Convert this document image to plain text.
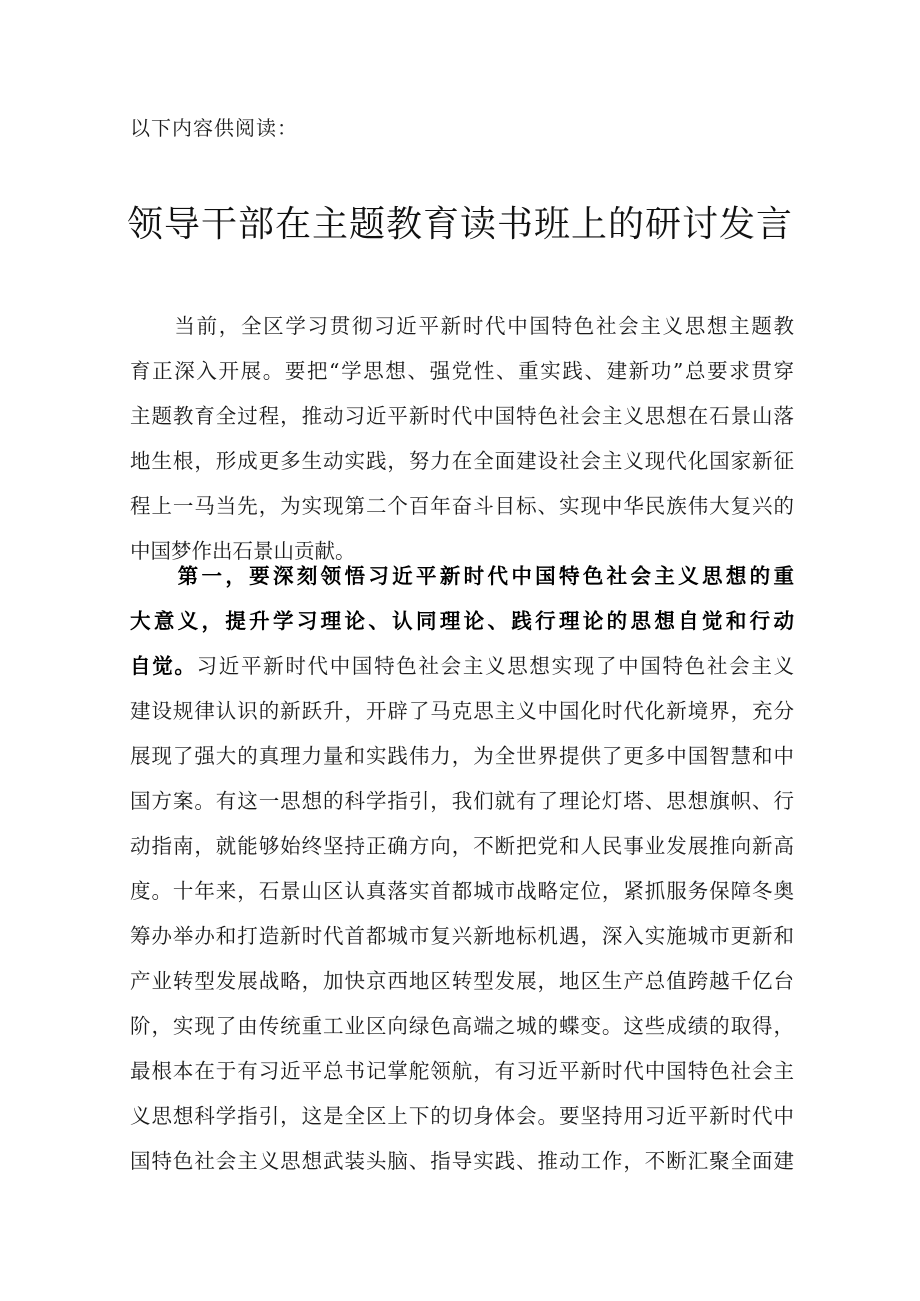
以下内容供阅读：
领导干部在主题教育读书班上的研讨发言
　　当前，全区学习贯彻习近平新时代中国特色社会主义思想主题教
育正深入开展。要把“学思想、强党性、重实践、建新功”总要求贯穿
主题教育全过程，推动习近平新时代中国特色社会主义思想在石景山落
地生根，形成更多生动实践，努力在全面建设社会主义现代化国家新征
程上一马当先，为实现第二个百年奋斗目标、实现中华民族伟大复兴的
中国梦作出石景山贡献。
　　第一，要深刻领悟习近平新时代中国特色社会主义思想的重
大意义，提升学习理论、认同理论、践行理论的思想自觉和行动
自觉。习近平新时代中国特色社会主义思想实现了中国特色社会主义
建设规律认识的新跃升，开辟了马克思主义中国化时代化新境界，充分
展现了强大的真理力量和实践伟力，为全世界提供了更多中国智慧和中
国方案。有这一思想的科学指引，我们就有了理论灯塔、思想旗帜、行
动指南，就能够始终坚持正确方向，不断把党和人民事业发展推向新高
度。十年来，石景山区认真落实首都城市战略定位，紧抓服务保障冬奥
筹办举办和打造新时代首都城市复兴新地标机遇，深入实施城市更新和
产业转型发展战略，加快京西地区转型发展，地区生产总值跨越千亿台
阶，实现了由传统重工业区向绿色高端之城的蝶变。这些成绩的取得，
最根本在于有习近平总书记掌舵领航，有习近平新时代中国特色社会主
义思想科学指引，这是全区上下的切身体会。要坚持用习近平新时代中
国特色社会主义思想武装头脑、指导实践、推动工作，不断汇聚全面建
